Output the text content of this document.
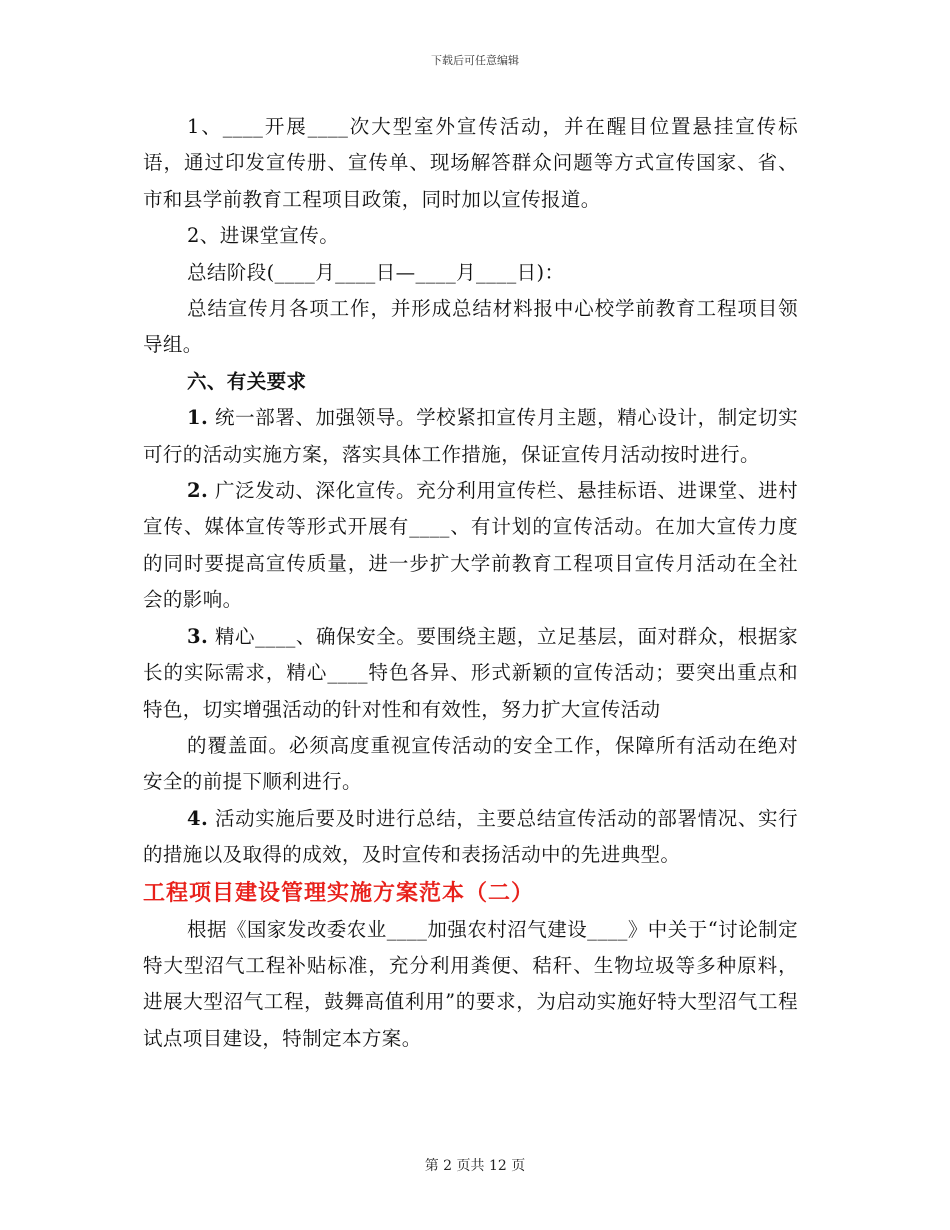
下载后可任意编辑

1、____开展____次大型室外宣传活动，并在醒目位置悬挂宣传标语，通过印发宣传册、宣传单、现场解答群众问题等方式宣传国家、省、市和县学前教育工程项目政策，同时加以宣传报道。

2、进课堂宣传。

总结阶段(____月____日—____月____日)：

总结宣传月各项工作，并形成总结材料报中心校学前教育工程项目领导组。

六、有关要求

1. 统一部署、加强领导。学校紧扣宣传月主题，精心设计，制定切实可行的活动实施方案，落实具体工作措施，保证宣传月活动按时进行。

2. 广泛发动、深化宣传。充分利用宣传栏、悬挂标语、进课堂、进村宣传、媒体宣传等形式开展有____、有计划的宣传活动。在加大宣传力度的同时要提高宣传质量，进一步扩大学前教育工程项目宣传月活动在全社会的影响。

3. 精心____、确保安全。要围绕主题，立足基层，面对群众，根据家长的实际需求，精心____特色各异、形式新颖的宣传活动；要突出重点和特色，切实增强活动的针对性和有效性，努力扩大宣传活动

的覆盖面。必须高度重视宣传活动的安全工作，保障所有活动在绝对安全的前提下顺利进行。

4. 活动实施后要及时进行总结，主要总结宣传活动的部署情况、实行的措施以及取得的成效，及时宣传和表扬活动中的先进典型。

工程项目建设管理实施方案范本（二）

根据《国家发改委农业____加强农村沼气建设____》中关于“讨论制定特大型沼气工程补贴标准，充分利用粪便、秸秆、生物垃圾等多种原料，进展大型沼气工程，鼓舞高值利用”的要求，为启动实施好特大型沼气工程试点项目建设，特制定本方案。

第 2 页共 12 页
